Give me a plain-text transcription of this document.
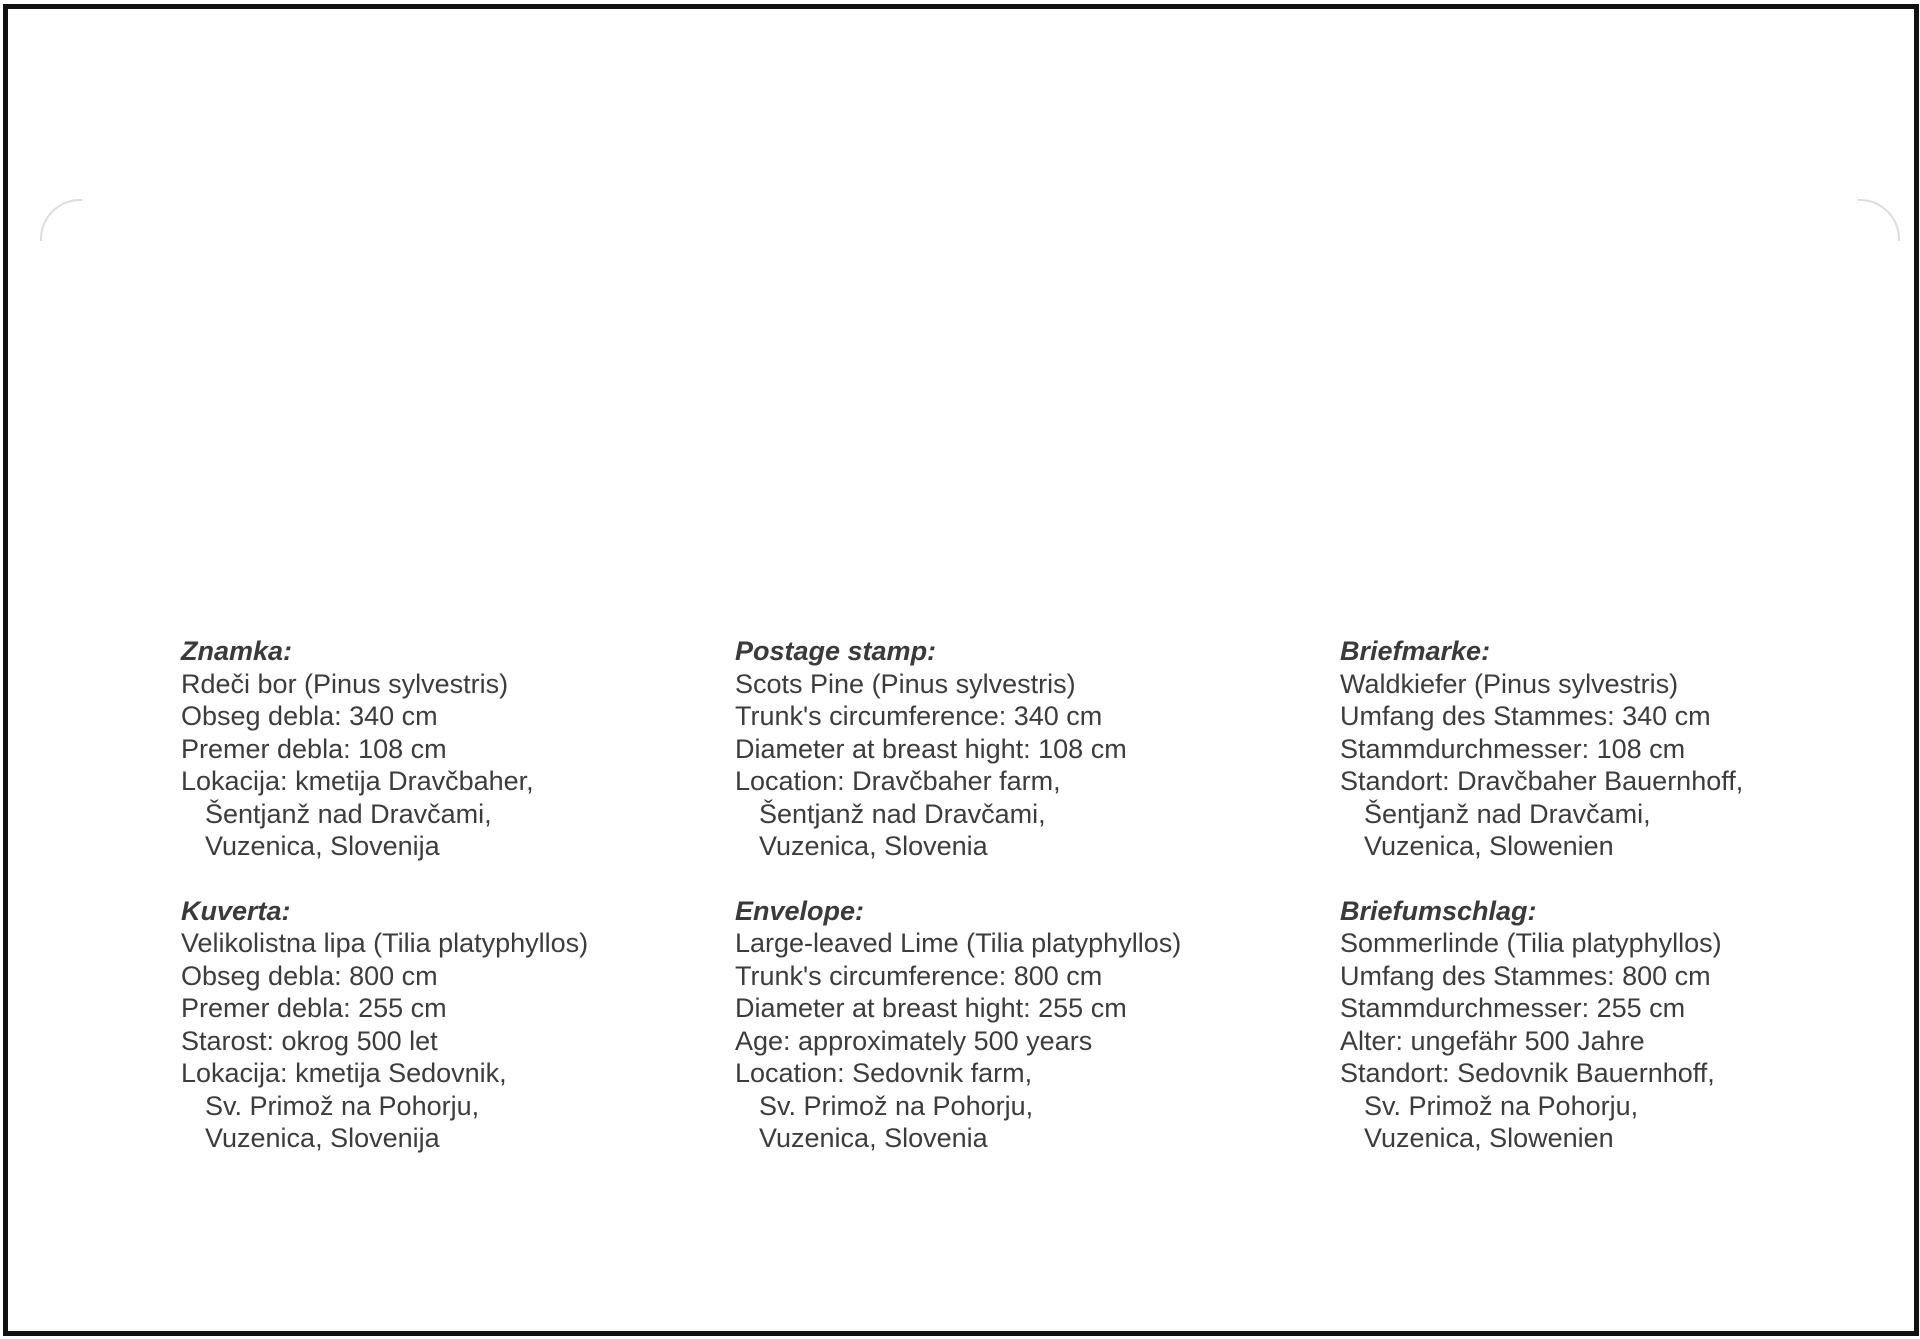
Znamka:
Rdeči bor (Pinus sylvestris)
Obseg debla: 340 cm
Premer debla: 108 cm
Lokacija: kmetija Dravčbaher,
Šentjanž nad Dravčami,
Vuzenica, Slovenija
Kuverta:
Velikolistna lipa (Tilia platyphyllos)
Obseg debla: 800 cm
Premer debla: 255 cm
Starost: okrog 500 let
Lokacija: kmetija Sedovnik,
Sv. Primož na Pohorju,
Vuzenica, Slovenija
Postage stamp:
Scots Pine (Pinus sylvestris)
Trunk's circumference: 340 cm
Diameter at breast hight: 108 cm
Location: Dravčbaher farm,
Šentjanž nad Dravčami,
Vuzenica, Slovenia
Envelope:
Large-leaved Lime (Tilia platyphyllos)
Trunk's circumference: 800 cm
Diameter at breast hight: 255 cm
Age: approximately 500 years
Location: Sedovnik farm,
Sv. Primož na Pohorju,
Vuzenica, Slovenia
Briefmarke:
Waldkiefer (Pinus sylvestris)
Umfang des Stammes: 340 cm
Stammdurchmesser: 108 cm
Standort: Dravčbaher Bauernhoff,
Šentjanž nad Dravčami,
Vuzenica, Slowenien
Briefumschlag:
Sommerlinde (Tilia platyphyllos)
Umfang des Stammes: 800 cm
Stammdurchmesser: 255 cm
Alter: ungefähr 500 Jahre
Standort: Sedovnik Bauernhoff,
Sv. Primož na Pohorju,
Vuzenica, Slowenien
